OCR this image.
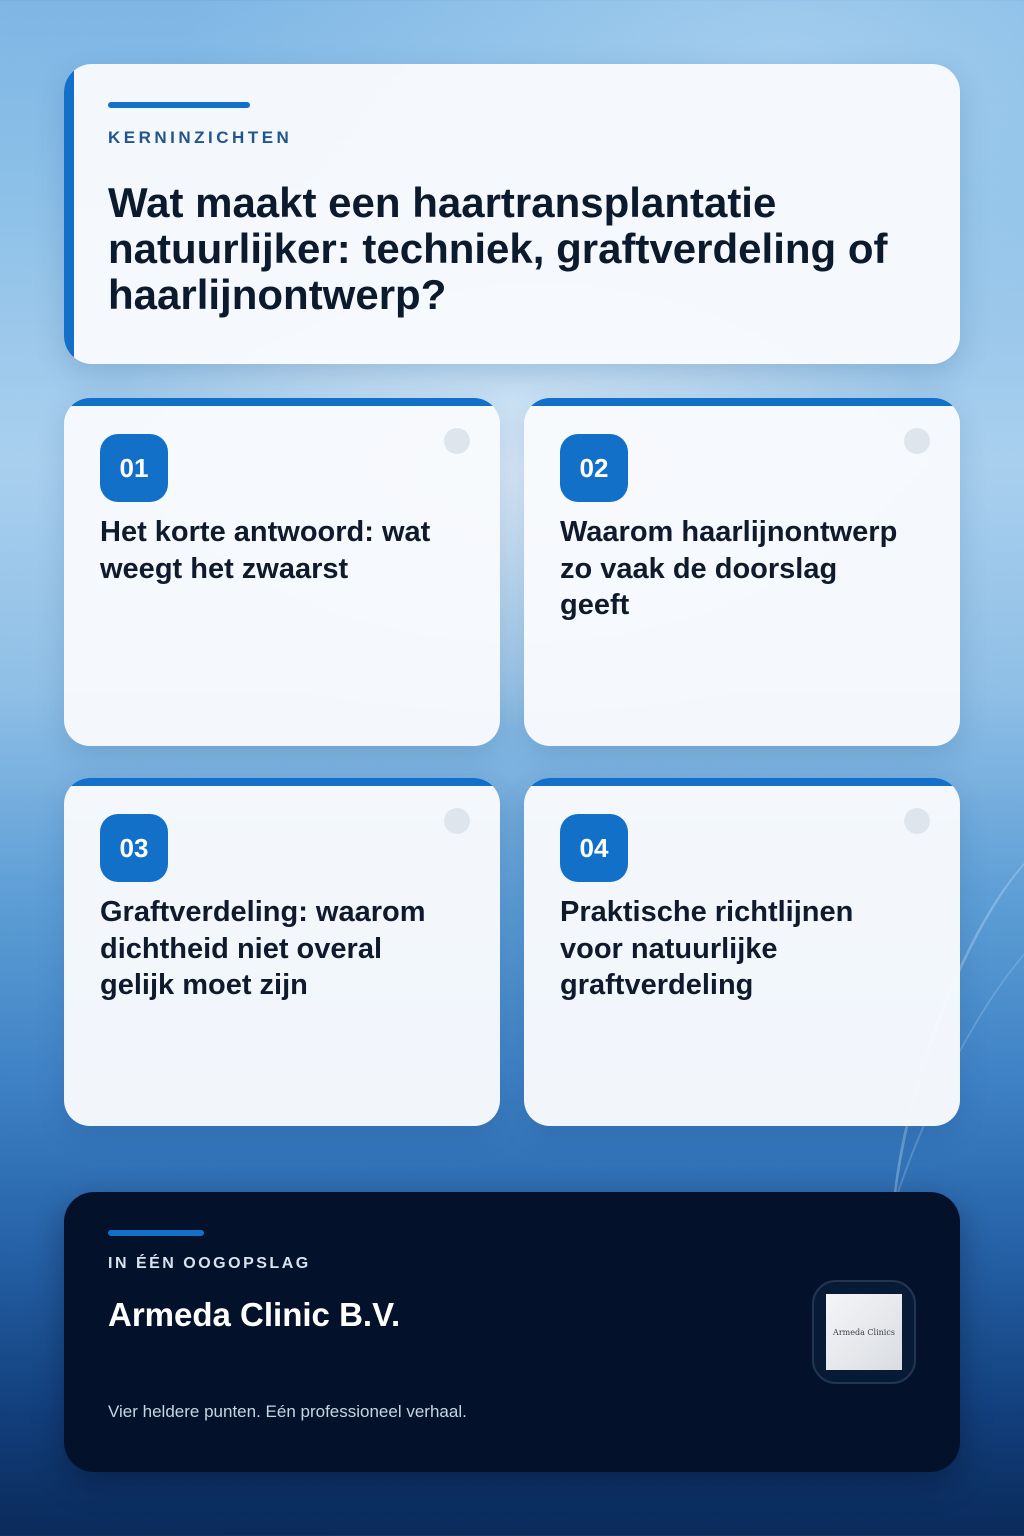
KERNINZICHTEN
Wat maakt een haartransplantatie natuurlijker: techniek, graftverdeling of haarlijnontwerp?
01
Het korte antwoord: wat weegt het zwaarst
02
Waarom haarlijnontwerp zo vaak de doorslag geeft
03
Graftverdeling: waarom dichtheid niet overal gelijk moet zijn
04
Praktische richtlijnen voor natuurlijke graftverdeling
IN ÉÉN OOGOPSLAG
Armeda Clinic B.V.
Vier heldere punten. Eén professioneel verhaal.
Armeda Clinics
